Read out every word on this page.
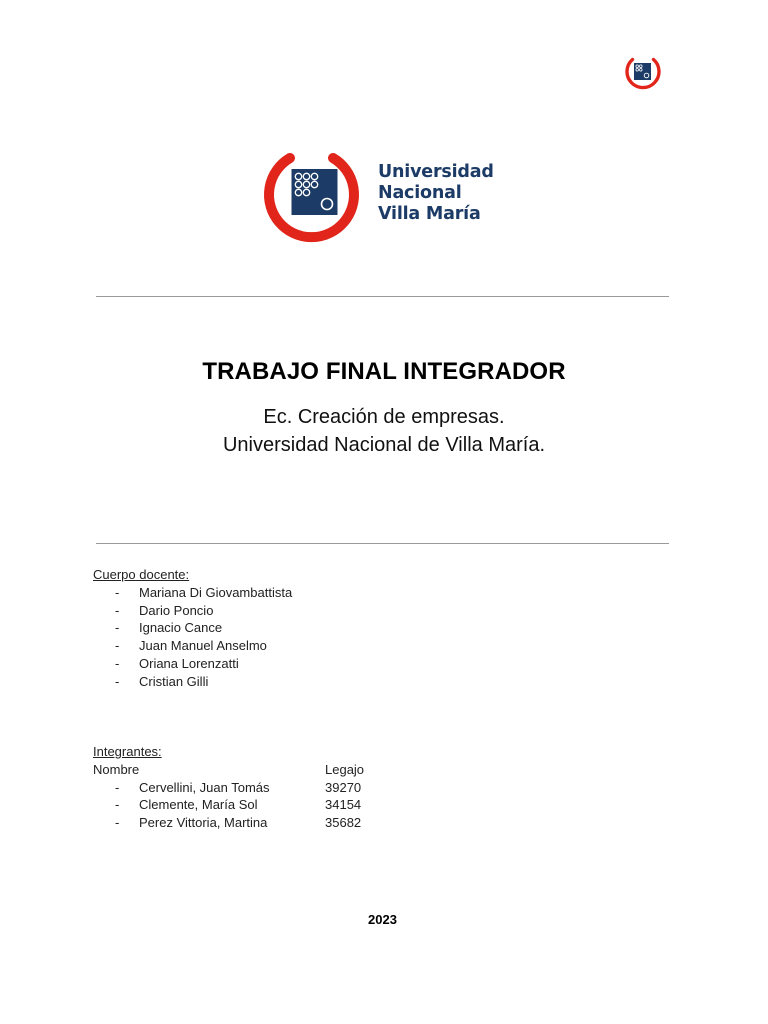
Universidad
Nacional
Villa María
TRABAJO FINAL INTEGRADOR
Ec. Creación de empresas.
Universidad Nacional de Villa María.
Cuerpo docente:
- Mariana Di Giovambattista
- Dario Poncio
- Ignacio Cance
- Juan Manuel Anselmo
- Oriana Lorenzatti
- Cristian Gilli
Integrantes:
Nombre	Legajo
- Cervellini, Juan Tomás	39270
- Clemente, María Sol	34154
- Perez Vittoria, Martina	35682
2023
